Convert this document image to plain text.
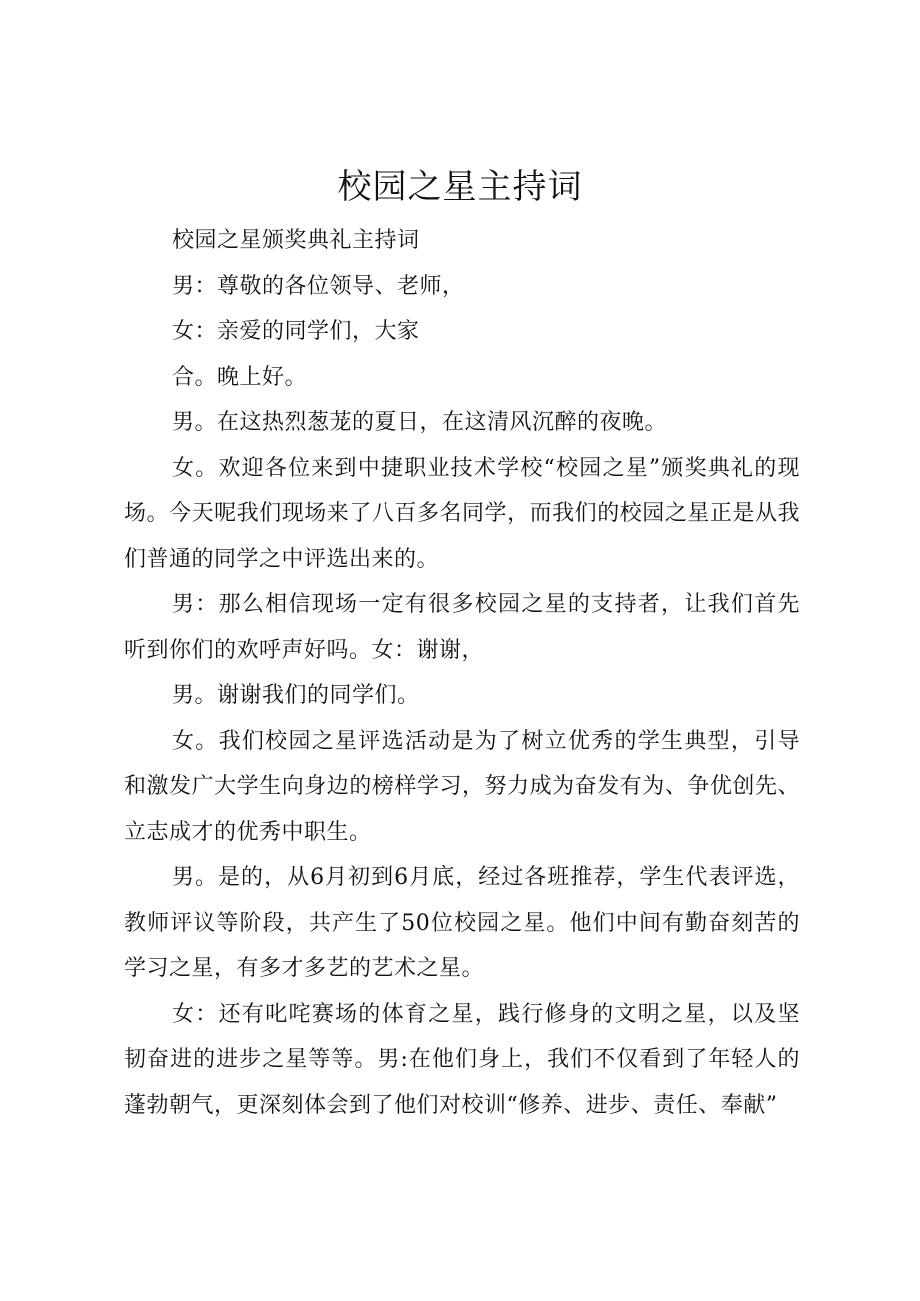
校园之星主持词

校园之星颁奖典礼主持词

男：尊敬的各位领导、老师，

女：亲爱的同学们，大家

合。晚上好。

男。在这热烈葱茏的夏日，在这清风沉醉的夜晚。

女。欢迎各位来到中捷职业技术学校“校园之星”颁奖典礼的现场。今天呢我们现场来了八百多名同学，而我们的校园之星正是从我们普通的同学之中评选出来的。

男：那么相信现场一定有很多校园之星的支持者，让我们首先听到你们的欢呼声好吗。女：谢谢，

男。谢谢我们的同学们。

女。我们校园之星评选活动是为了树立优秀的学生典型，引导和激发广大学生向身边的榜样学习，努力成为奋发有为、争优创先、立志成才的优秀中职生。

男。是的，从6月初到6月底，经过各班推荐，学生代表评选，教师评议等阶段，共产生了50位校园之星。他们中间有勤奋刻苦的学习之星，有多才多艺的艺术之星。

女：还有叱咤赛场的体育之星，践行修身的文明之星，以及坚韧奋进的进步之星等等。男:在他们身上，我们不仅看到了年轻人的蓬勃朝气，更深刻体会到了他们对校训“修养、进步、责任、奉献”
